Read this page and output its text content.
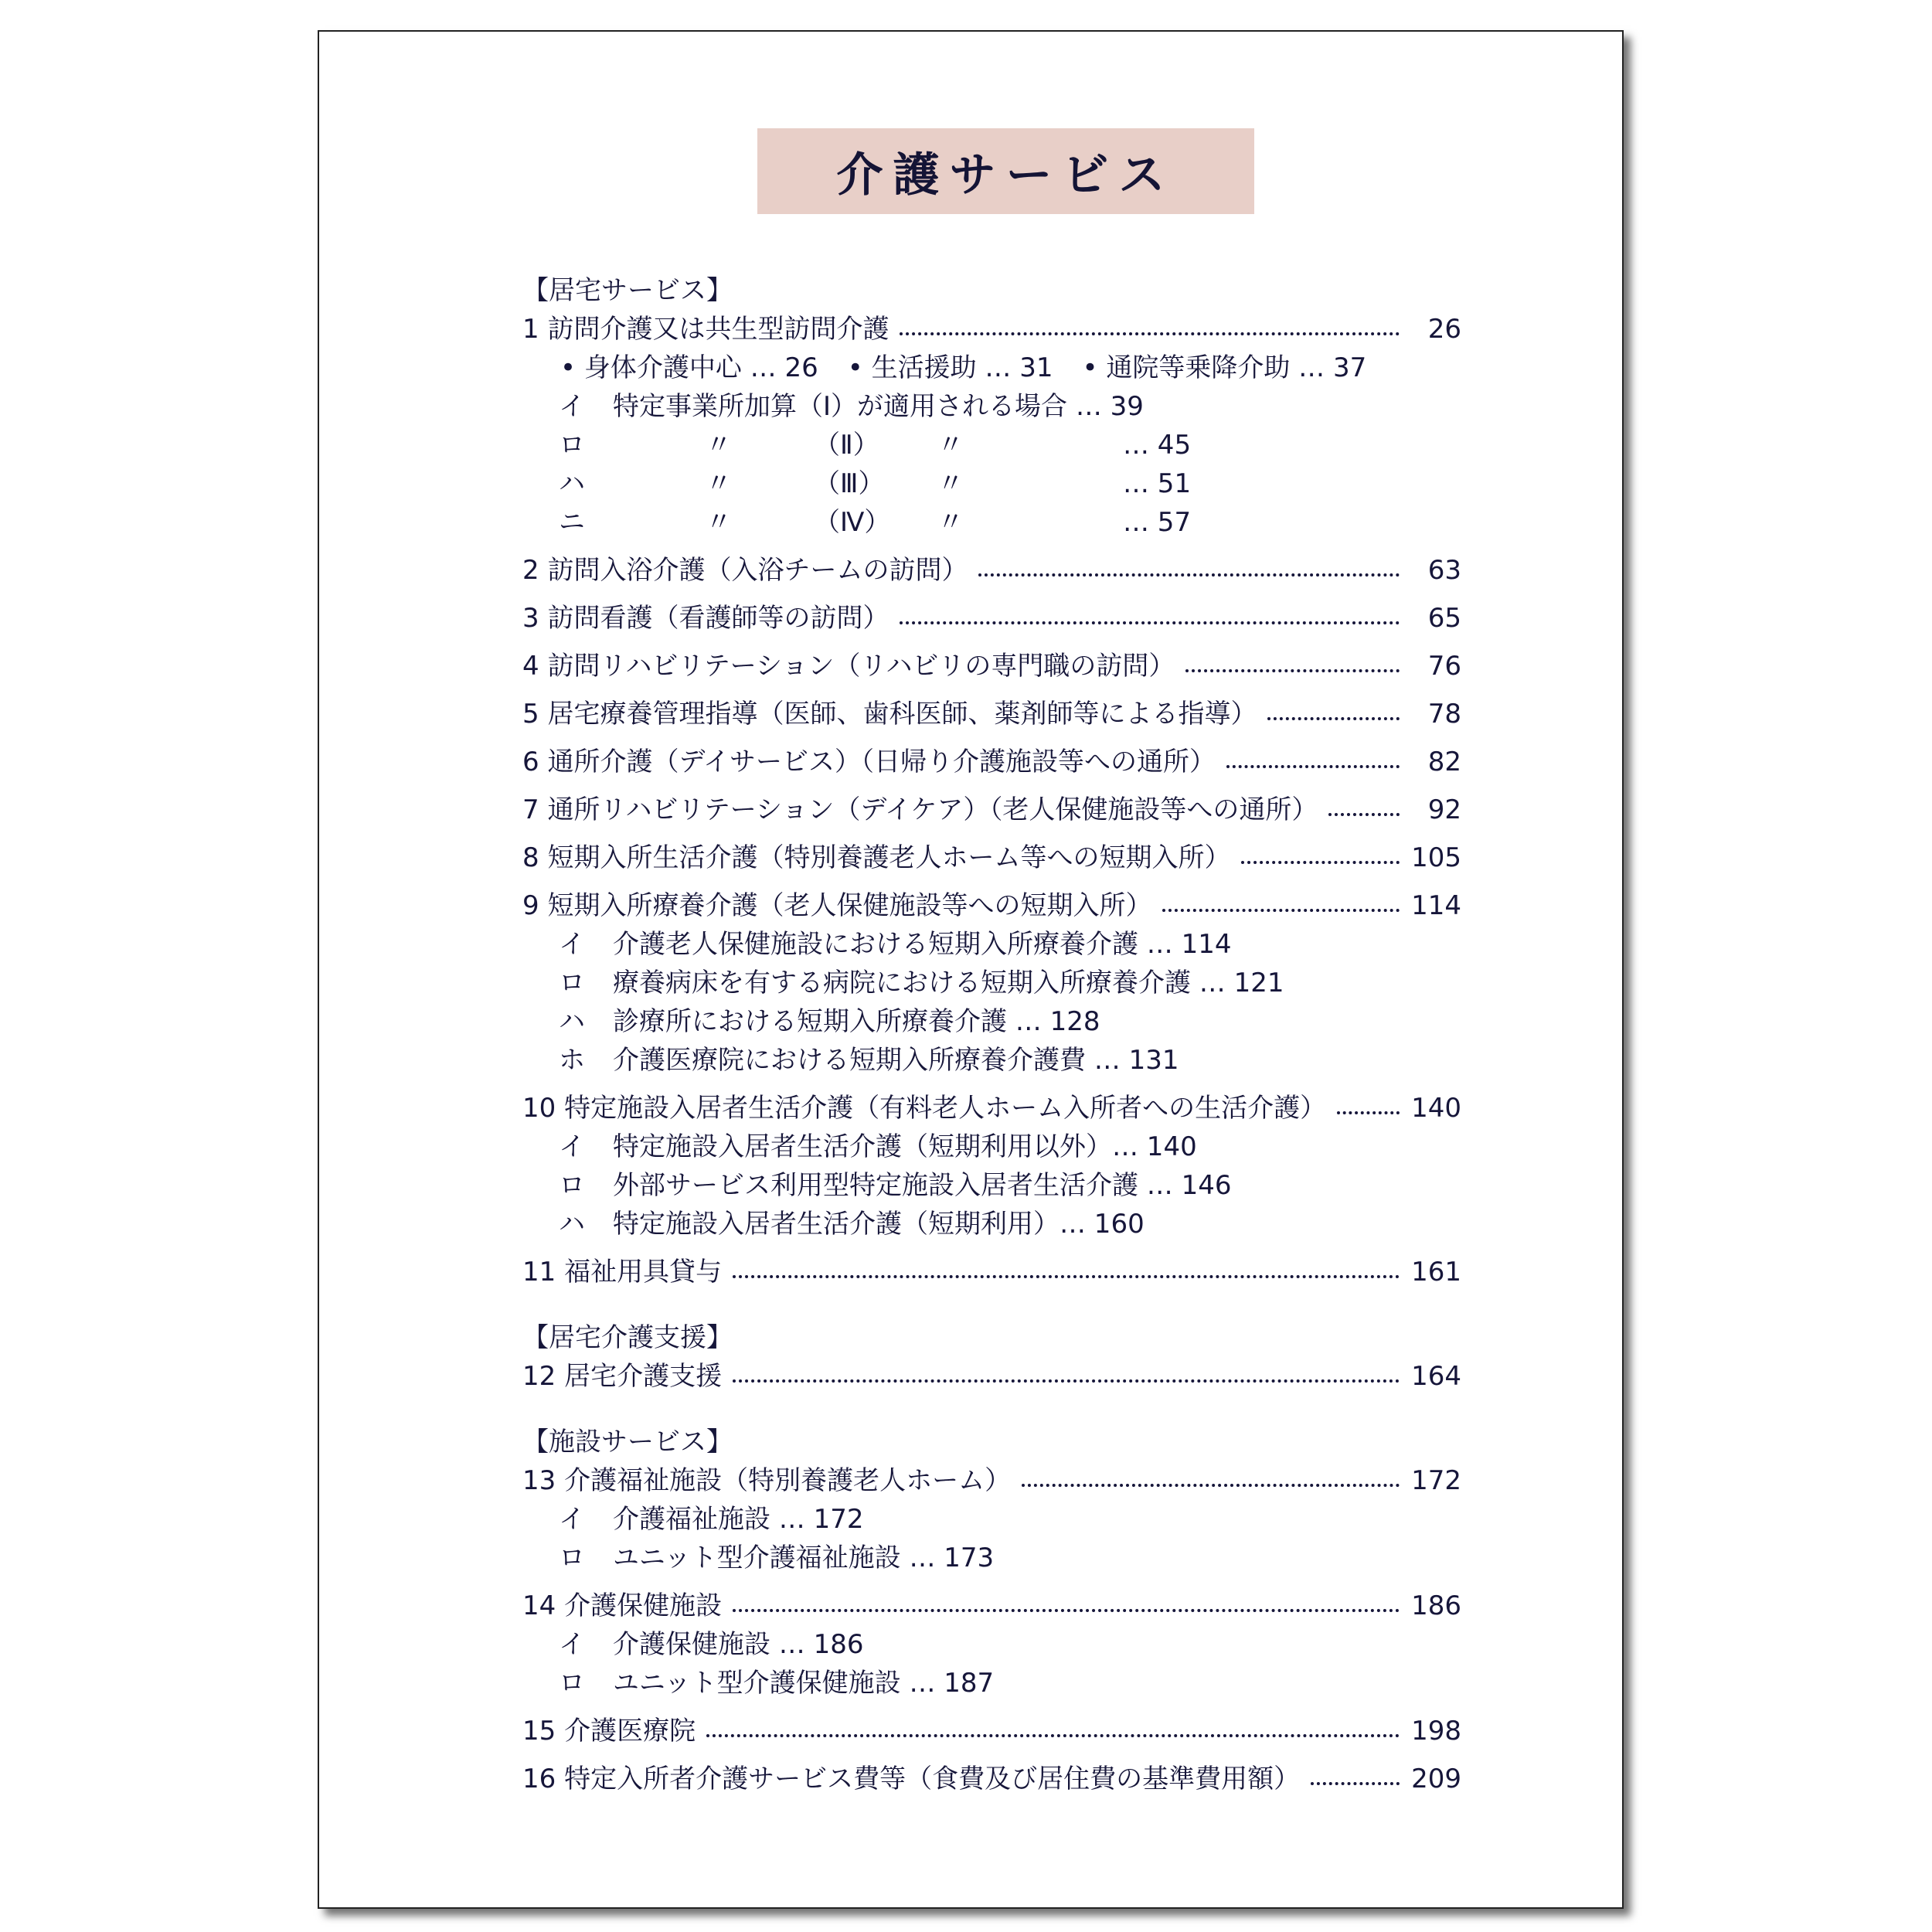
介護サービス
【居宅サービス】
1 訪問介護又は共生型訪問介護	26
• 身体介護中心 … 26 • 生活援助 … 31 • 通院等乗降介助 … 37
イ 特定事業所加算（Ⅰ）が適用される場合 … 39
ロ	〃	（Ⅱ） 〃	… 45
ハ	〃	（Ⅲ） 〃	… 51
ニ	〃	（Ⅳ） 〃	… 57
2 訪問入浴介護（入浴チームの訪問）	63
3 訪問看護（看護師等の訪問）	65
4 訪問リハビリテーション（リハビリの専門職の訪問）	76
5 居宅療養管理指導（医師、歯科医師、薬剤師等による指導）	78
6 通所介護（デイサービス）（日帰り介護施設等への通所）	82
7 通所リハビリテーション（デイケア）（老人保健施設等への通所）	92
8 短期入所生活介護（特別養護老人ホーム等への短期入所）	105
9 短期入所療養介護（老人保健施設等への短期入所）	114
イ 介護老人保健施設における短期入所療養介護 … 114
ロ 療養病床を有する病院における短期入所療養介護 … 121
ハ 診療所における短期入所療養介護 … 128
ホ 介護医療院における短期入所療養介護費 … 131
10 特定施設入居者生活介護（有料老人ホーム入所者への生活介護）	140
イ 特定施設入居者生活介護（短期利用以外）… 140
ロ 外部サービス利用型特定施設入居者生活介護 … 146
ハ 特定施設入居者生活介護（短期利用）… 160
11 福祉用具貸与	161
【居宅介護支援】
12 居宅介護支援	164
【施設サービス】
13 介護福祉施設（特別養護老人ホーム）	172
イ 介護福祉施設 … 172
ロ ユニット型介護福祉施設 … 173
14 介護保健施設	186
イ 介護保健施設 … 186
ロ ユニット型介護保健施設 … 187
15 介護医療院	198
16 特定入所者介護サービス費等（食費及び居住費の基準費用額）	209
